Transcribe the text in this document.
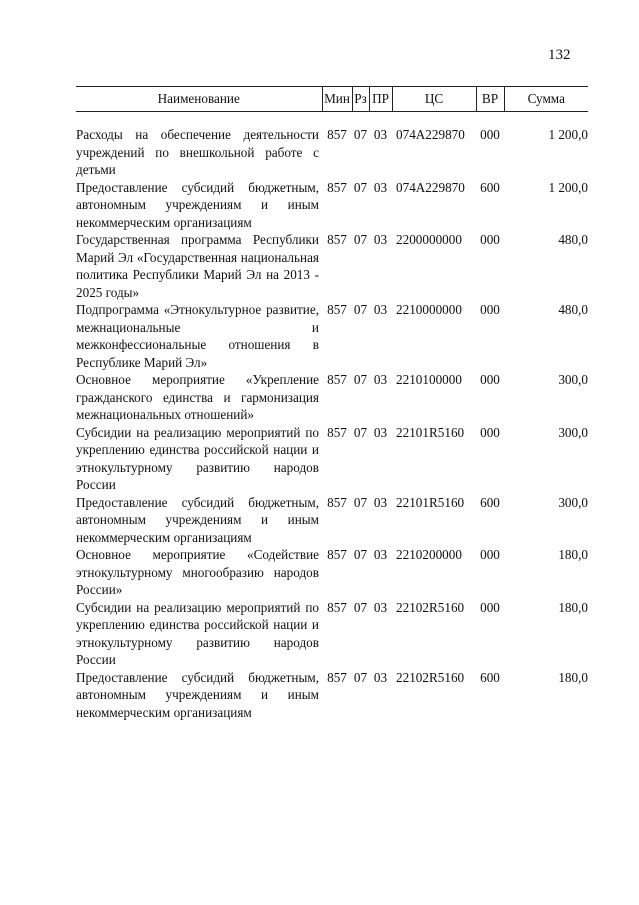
132
Наименование	Мин	Рз	ПР	ЦС	ВР	Сумма

Расходы на обеспечение деятельности учреждений по внешкольной работе с детьми	857	07	03	074А229870	000	1 200,0
Предоставление субсидий бюджетным, автономным учреждениям и иным некоммерческим организациям	857	07	03	074А229870	600	1 200,0
Государственная программа Республики Марий Эл «Государственная национальная политика Республики Марий Эл на 2013 - 2025 годы»	857	07	03	2200000000	000	480,0
Подпрограмма «Этнокультурное развитие, межнациональные и межконфессиональные отношения в Республике Марий Эл»	857	07	03	2210000000	000	480,0
Основное мероприятие «Укрепление гражданского единства и гармонизация межнациональных отношений»	857	07	03	2210100000	000	300,0
Субсидии на реализацию мероприятий по укреплению единства российской нации и этнокультурному развитию народов России	857	07	03	22101R5160	000	300,0
Предоставление субсидий бюджетным, автономным учреждениям и иным некоммерческим организациям	857	07	03	22101R5160	600	300,0
Основное мероприятие «Содействие этнокультурному многообразию народов России»	857	07	03	2210200000	000	180,0
Субсидии на реализацию мероприятий по укреплению единства российской нации и этнокультурному развитию народов России	857	07	03	22102R5160	000	180,0
Предоставление субсидий бюджетным, автономным учреждениям и иным некоммерческим организациям	857	07	03	22102R5160	600	180,0
